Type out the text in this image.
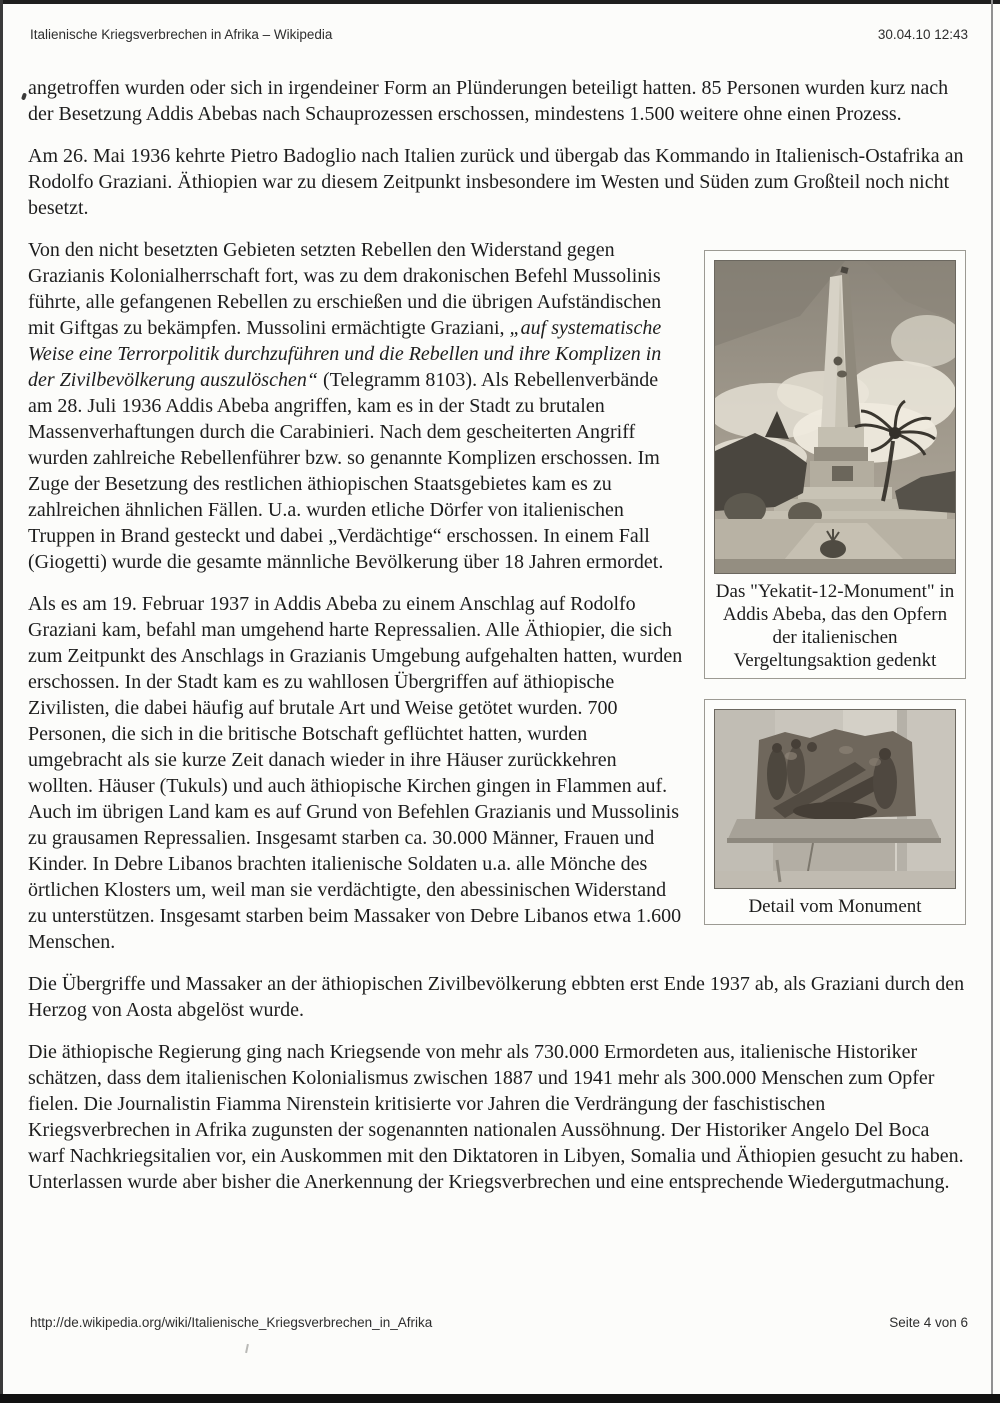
Italienische Kriegsverbrechen in Afrika – Wikipedia	30.04.10 12:43

angetroffen wurden oder sich in irgendeiner Form an Plünderungen beteiligt hatten. 85 Personen wurden kurz nach der Besetzung Addis Abebas nach Schauprozessen erschossen, mindestens 1.500 weitere ohne einen Prozess.

Am 26. Mai 1936 kehrte Pietro Badoglio nach Italien zurück und übergab das Kommando in Italienisch-Ostafrika an Rodolfo Graziani. Äthiopien war zu diesem Zeitpunkt insbesondere im Westen und Süden zum Großteil noch nicht besetzt.

Das "Yekatit-12-Monument" in Addis Abeba, das den Opfern der italienischen Vergeltungsaktion gedenkt
Detail vom Monument

Von den nicht besetzten Gebieten setzten Rebellen den Widerstand gegen Grazianis Kolonialherrschaft fort, was zu dem drakonischen Befehl Mussolinis führte, alle gefangenen Rebellen zu erschießen und die übrigen Aufständischen mit Giftgas zu bekämpfen. Mussolini ermächtigte Graziani, „auf systematische Weise eine Terrorpolitik durchzuführen und die Rebellen und ihre Komplizen in der Zivilbevölkerung auszulöschen“ (Telegramm 8103). Als Rebellenverbände am 28. Juli 1936 Addis Abeba angriffen, kam es in der Stadt zu brutalen Massenverhaftungen durch die Carabinieri. Nach dem gescheiterten Angriff wurden zahlreiche Rebellenführer bzw. so genannte Komplizen erschossen. Im Zuge der Besetzung des restlichen äthiopischen Staatsgebietes kam es zu zahlreichen ähnlichen Fällen. U.a. wurden etliche Dörfer von italienischen Truppen in Brand gesteckt und dabei „Verdächtige“ erschossen. In einem Fall (Giogetti) wurde die gesamte männliche Bevölkerung über 18 Jahren ermordet.

Als es am 19. Februar 1937 in Addis Abeba zu einem Anschlag auf Rodolfo Graziani kam, befahl man umgehend harte Repressalien. Alle Äthiopier, die sich zum Zeitpunkt des Anschlags in Grazianis Umgebung aufgehalten hatten, wurden erschossen. In der Stadt kam es zu wahllosen Übergriffen auf äthiopische Zivilisten, die dabei häufig auf brutale Art und Weise getötet wurden. 700 Personen, die sich in die britische Botschaft geflüchtet hatten, wurden umgebracht als sie kurze Zeit danach wieder in ihre Häuser zurückkehren wollten. Häuser (Tukuls) und auch äthiopische Kirchen gingen in Flammen auf. Auch im übrigen Land kam es auf Grund von Befehlen Grazianis und Mussolinis zu grausamen Repressalien. Insgesamt starben ca. 30.000 Männer, Frauen und Kinder. In Debre Libanos brachten italienische Soldaten u.a. alle Mönche des örtlichen Klosters um, weil man sie verdächtigte, den abessinischen Widerstand zu unterstützen. Insgesamt starben beim Massaker von Debre Libanos etwa 1.600 Menschen.

Die Übergriffe und Massaker an der äthiopischen Zivilbevölkerung ebbten erst Ende 1937 ab, als Graziani durch den Herzog von Aosta abgelöst wurde.

Die äthiopische Regierung ging nach Kriegsende von mehr als 730.000 Ermordeten aus, italienische Historiker schätzen, dass dem italienischen Kolonialismus zwischen 1887 und 1941 mehr als 300.000 Menschen zum Opfer fielen. Die Journalistin Fiamma Nirenstein kritisierte vor Jahren die Verdrängung der faschistischen Kriegsverbrechen in Afrika zugunsten der sogenannten nationalen Aussöhnung. Der Historiker Angelo Del Boca warf Nachkriegsitalien vor, ein Auskommen mit den Diktatoren in Libyen, Somalia und Äthiopien gesucht zu haben. Unterlassen wurde aber bisher die Anerkennung der Kriegsverbrechen und eine entsprechende Wiedergutmachung.

http://de.wikipedia.org/wiki/Italienische_Kriegsverbrechen_in_Afrika	Seite 4 von 6
